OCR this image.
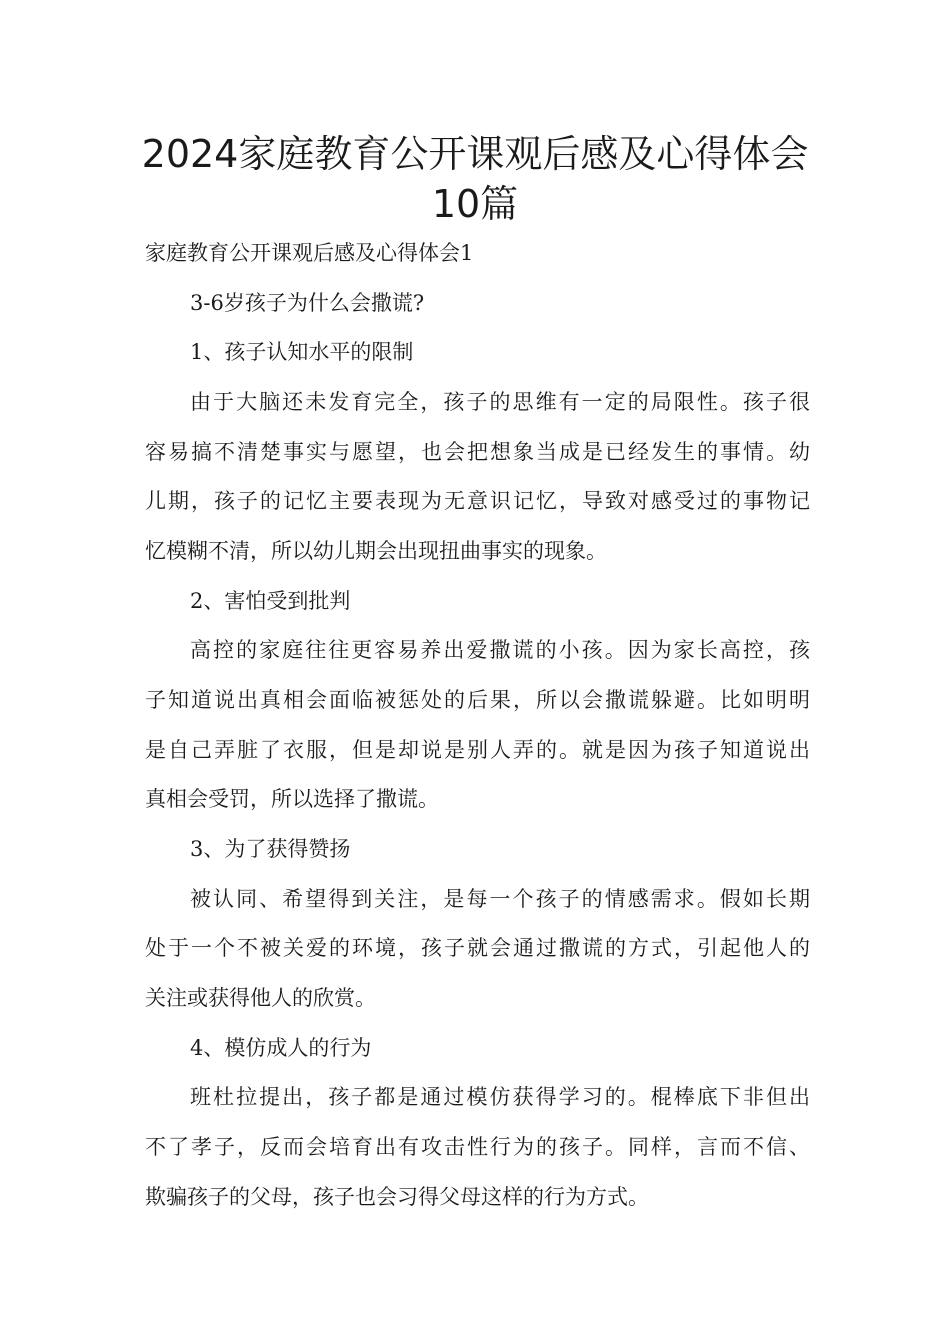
2024家庭教育公开课观后感及心得体会
10篇

家庭教育公开课观后感及心得体会1

3-6岁孩子为什么会撒谎?

1、孩子认知水平的限制

由于大脑还未发育完全，孩子的思维有一定的局限性。孩子很

容易搞不清楚事实与愿望，也会把想象当成是已经发生的事情。幼

儿期，孩子的记忆主要表现为无意识记忆，导致对感受过的事物记

忆模糊不清，所以幼儿期会出现扭曲事实的现象。

2、害怕受到批判

高控的家庭往往更容易养出爱撒谎的小孩。因为家长高控，孩

子知道说出真相会面临被惩处的后果，所以会撒谎躲避。比如明明

是自己弄脏了衣服，但是却说是别人弄的。就是因为孩子知道说出

真相会受罚，所以选择了撒谎。

3、为了获得赞扬

被认同、希望得到关注，是每一个孩子的情感需求。假如长期

处于一个不被关爱的环境，孩子就会通过撒谎的方式，引起他人的

关注或获得他人的欣赏。

4、模仿成人的行为

班杜拉提出，孩子都是通过模仿获得学习的。棍棒底下非但出

不了孝子，反而会培育出有攻击性行为的孩子。同样，言而不信、

欺骗孩子的父母，孩子也会习得父母这样的行为方式。
